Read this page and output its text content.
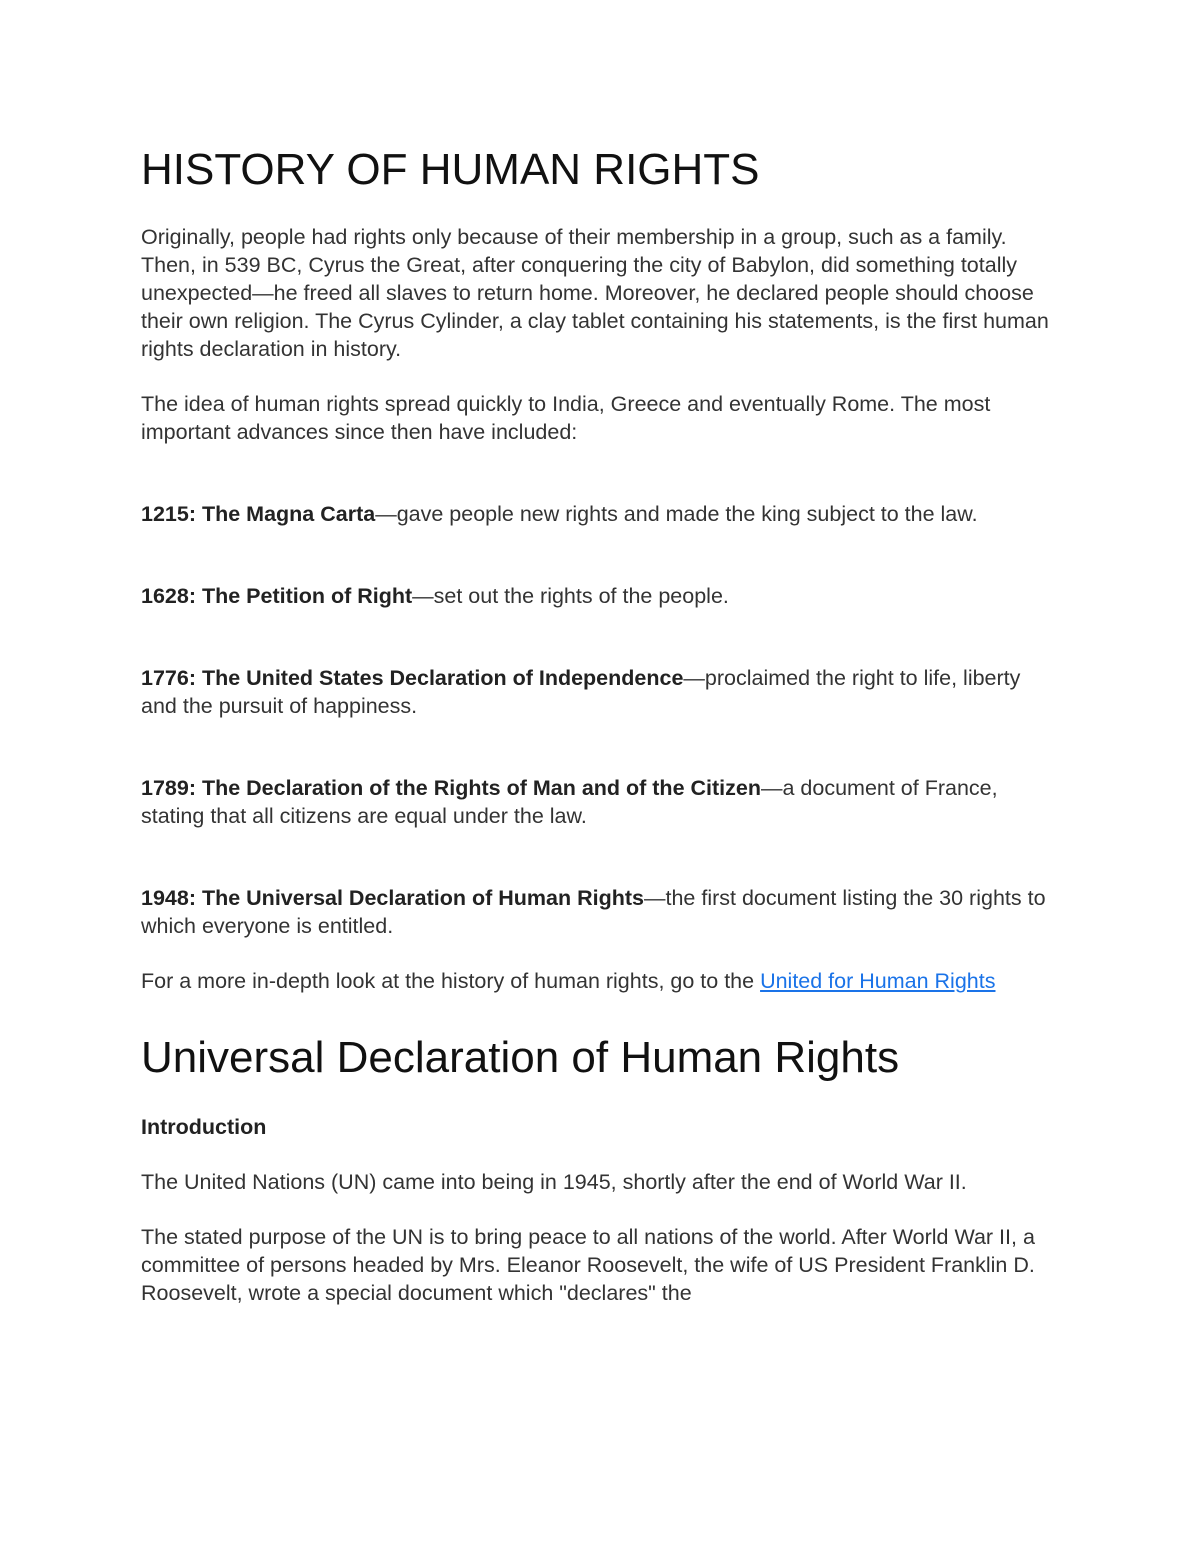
HISTORY OF HUMAN RIGHTS

Originally, people had rights only because of their membership in a group, such as a family. Then, in 539 BC, Cyrus the Great, after conquering the city of Babylon, did something totally unexpected—he freed all slaves to return home. Moreover, he declared people should choose their own religion. The Cyrus Cylinder, a clay tablet containing his statements, is the first human rights declaration in history.

The idea of human rights spread quickly to India, Greece and eventually Rome. The most important advances since then have included:

1215: The Magna Carta—gave people new rights and made the king subject to the law.

1628: The Petition of Right—set out the rights of the people.

1776: The United States Declaration of Independence—proclaimed the right to life, liberty and the pursuit of happiness.

1789: The Declaration of the Rights of Man and of the Citizen—a document of France, stating that all citizens are equal under the law.

1948: The Universal Declaration of Human Rights—the first document listing the 30 rights to which everyone is entitled.

For a more in-depth look at the history of human rights, go to the United for Human Rights

Universal Declaration of Human Rights

Introduction

The United Nations (UN) came into being in 1945, shortly after the end of World War II.

The stated purpose of the UN is to bring peace to all nations of the world. After World War II, a committee of persons headed by Mrs. Eleanor Roosevelt, the wife of US President Franklin D. Roosevelt, wrote a special document which "declares" the
